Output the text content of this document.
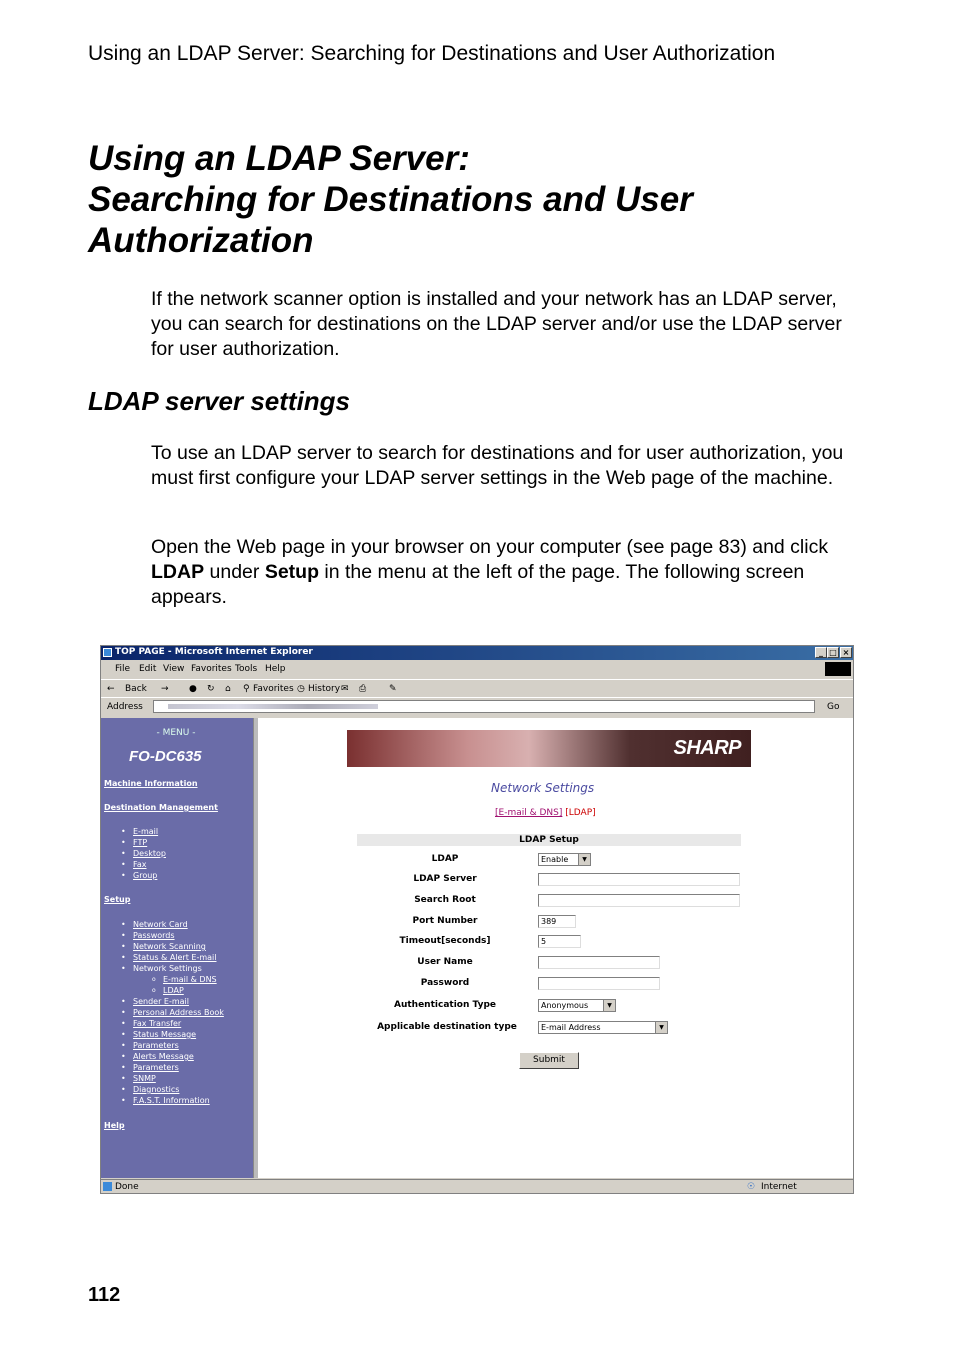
Using an LDAP Server: Searching for Destinations and User Authorization
Using an LDAP Server:
Searching for Destinations and User
Authorization

If the network scanner option is installed and your network has an LDAP server, you can search for destinations on the LDAP server and/or use the LDAP server for user authorization.

LDAP server settings

To use an LDAP server to search for destinations and for user authorization, you must first configure your LDAP server settings in the Web page of the machine.

Open the Web page in your browser on your computer (see page 83) and click LDAP under Setup in the menu at the left of the page. The following screen appears.

TOP PAGE - Microsoft Internet Explorer	_ □ ×
File Edit View Favorites Tools Help
← Back → ● ↻ ⌂ ⚲ Favorites ◷ History ✉ ⎙	✎
Address	Go
- MENU -
FO-DC635
Machine Information
Destination Management
• E-mail
• FTP
• Desktop
• Fax
• Group
Setup
• Network Card
• Passwords
• Network Scanning
• Status & Alert E-mail
• Network Settings
o E-mail & DNS
o LDAP
• Sender E-mail
• Personal Address Book
• Fax Transfer
• Status Message
• Parameters
• Alerts Message
• Parameters
• SNMP
• Diagnostics
• F.A.S.T. Information
Help
SHARP
Network Settings
[E-mail & DNS] [LDAP]
LDAP Setup
LDAP	Enable	▼
LDAP Server
Search Root
Port Number	389
Timeout[seconds]	5
User Name
Password
Authentication Type	Anonymous	▼
Applicable destination type	E-mail Address	▼
Submit
Done	☉ Internet
112
